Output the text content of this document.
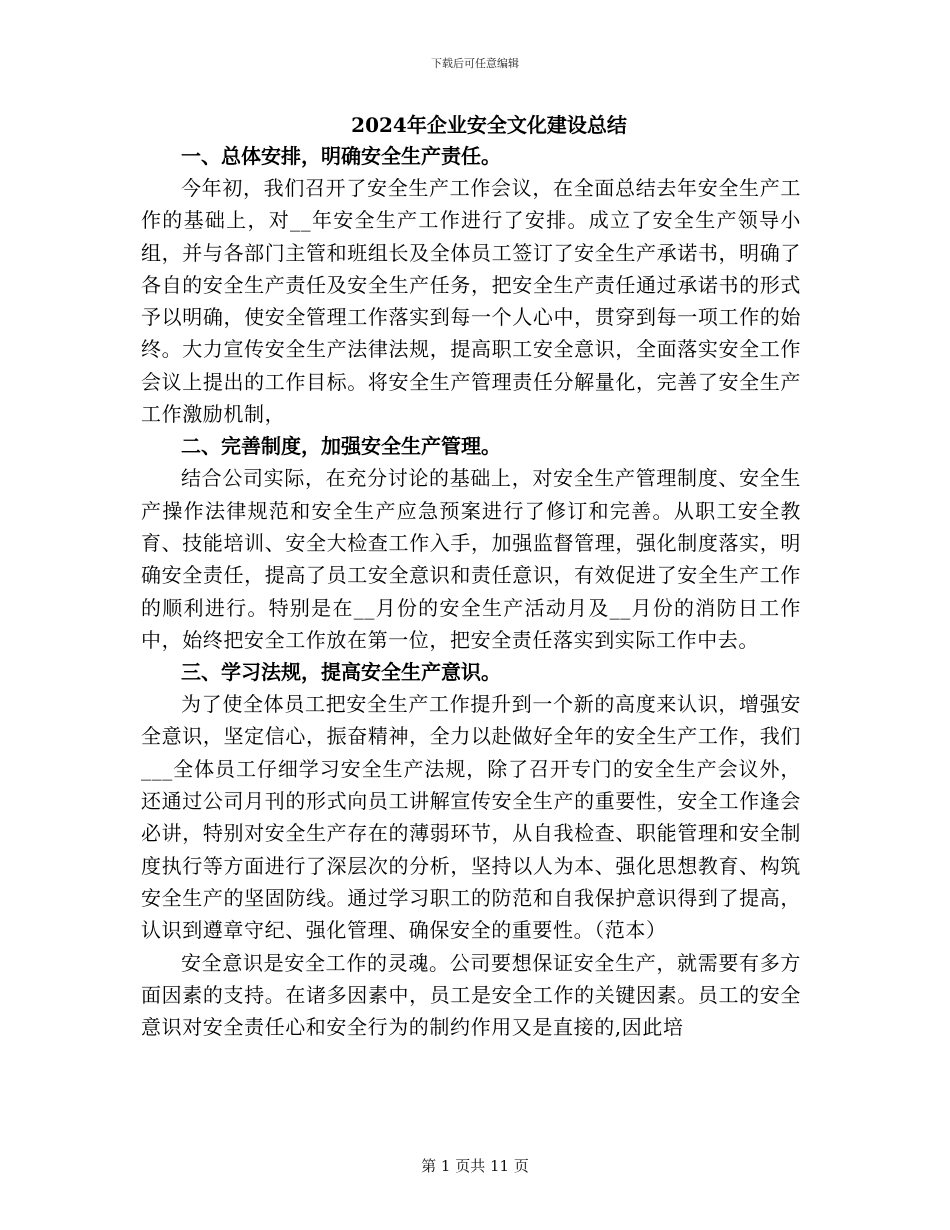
下载后可任意编辑
2024年企业安全文化建设总结
一、总体安排，明确安全生产责任。

今年初，我们召开了安全生产工作会议，在全面总结去年安全生产工作的基础上，对__年安全生产工作进行了安排。成立了安全生产领导小组，并与各部门主管和班组长及全体员工签订了安全生产承诺书，明确了各自的安全生产责任及安全生产任务，把安全生产责任通过承诺书的形式予以明确，使安全管理工作落实到每一个人心中，贯穿到每一项工作的始终。大力宣传安全生产法律法规，提高职工安全意识，全面落实安全工作会议上提出的工作目标。将安全生产管理责任分解量化，完善了安全生产工作激励机制，

二、完善制度，加强安全生产管理。

结合公司实际，在充分讨论的基础上，对安全生产管理制度、安全生产操作法律规范和安全生产应急预案进行了修订和完善。从职工安全教育、技能培训、安全大检查工作入手，加强监督管理，强化制度落实，明确安全责任，提高了员工安全意识和责任意识，有效促进了安全生产工作的顺利进行。特别是在__月份的安全生产活动月及__月份的消防日工作中，始终把安全工作放在第一位，把安全责任落实到实际工作中去。

三、学习法规，提高安全生产意识。

为了使全体员工把安全生产工作提升到一个新的高度来认识，增强安全意识，坚定信心，振奋精神，全力以赴做好全年的安全生产工作，我们___全体员工仔细学习安全生产法规，除了召开专门的安全生产会议外，还通过公司月刊的形式向员工讲解宣传安全生产的重要性，安全工作逢会必讲，特别对安全生产存在的薄弱环节，从自我检查、职能管理和安全制度执行等方面进行了深层次的分析，坚持以人为本、强化思想教育、构筑安全生产的坚固防线。通过学习职工的防范和自我保护意识得到了提高，认识到遵章守纪、强化管理、确保安全的重要性。（范本）

安全意识是安全工作的灵魂。公司要想保证安全生产，就需要有多方面因素的支持。在诸多因素中，员工是安全工作的关键因素。员工的安全意识对安全责任心和安全行为的制约作用又是直接的,因此培

第 1 页共 11 页
